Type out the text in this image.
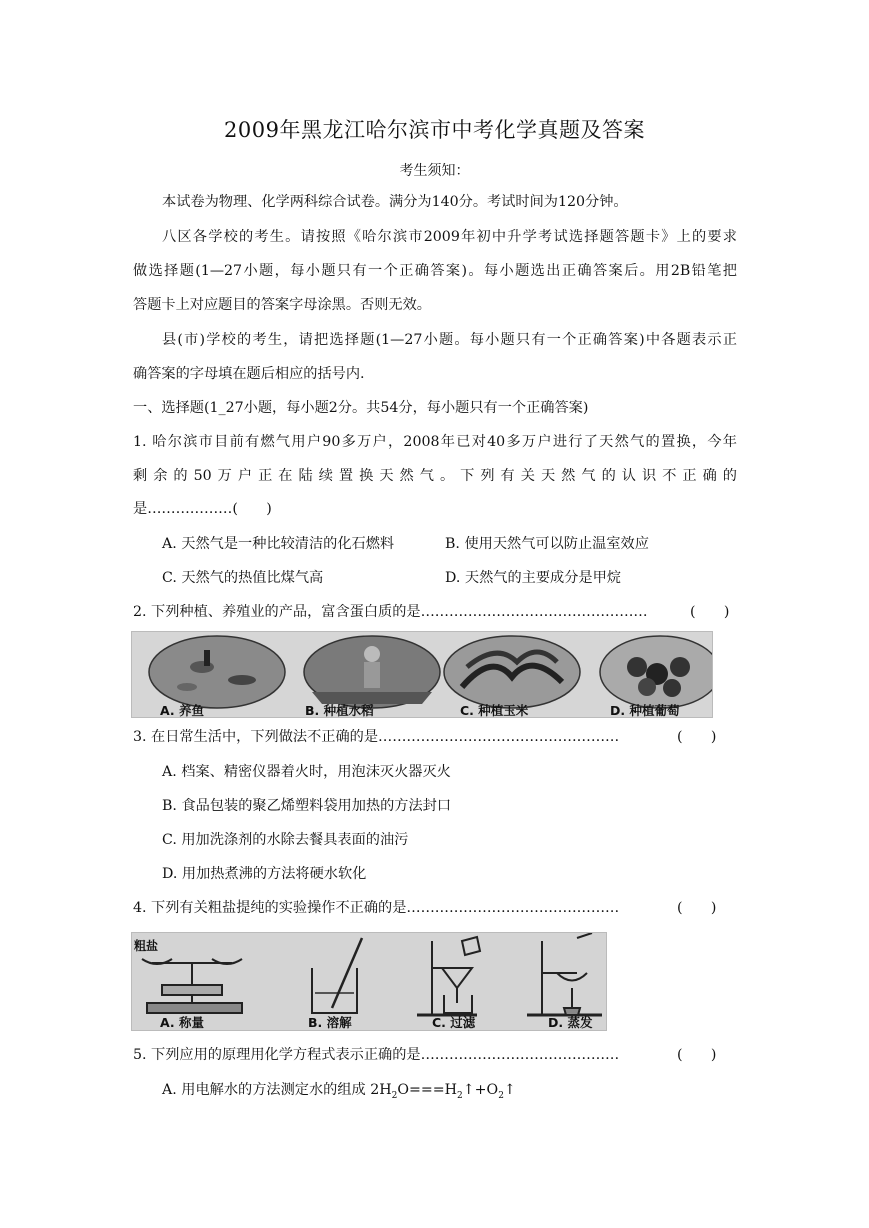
2009年黑龙江哈尔滨市中考化学真题及答案
考生须知：
本试卷为物理、化学两科综合试卷。满分为140分。考试时间为120分钟。
八区各学校的考生。请按照《哈尔滨市2009年初中升学考试选择题答题卡》上的要求
做选择题(1—27小题，每小题只有一个正确答案)。每小题选出正确答案后。用2B铅笔把
答题卡上对应题目的答案字母涂黑。否则无效。
县(市)学校的考生，请把选择题(1—27小题。每小题只有一个正确答案)中各题表示正
确答案的字母填在题后相应的括号内.
一、选择题(1_27小题，每小题2分。共54分，每小题只有一个正确答案)
1. 哈尔滨市目前有燃气用户90多万户，2008年已对40多万户进行了天然气的置换，今年
剩余的50万户正在陆续置换天然气。下列有关天然气的认识不正确的
是………………(　　)
A. 天然气是一种比较清洁的化石燃料	B. 使用天然气可以防止温室效应
C. 天然气的热值比煤气高	D. 天然气的主要成分是甲烷
2. 下列种植、养殖业的产品，富含蛋白质的是…………………………………………	(　　)
A. 养鱼	B. 种植水稻	C. 种植玉米	D. 种植葡萄
3. 在日常生活中，下列做法不正确的是……………………………………………	(　　)
A. 档案、精密仪器着火时，用泡沫灭火器灭火
B. 食品包装的聚乙烯塑料袋用加热的方法封口
C. 用加洗涤剂的水除去餐具表面的油污
D. 用加热煮沸的方法将硬水软化
4. 下列有关粗盐提纯的实验操作不正确的是………………………………………	(　　)
粗盐
A. 称量	B. 溶解	C. 过滤	D. 蒸发
5. 下列应用的原理用化学方程式表示正确的是……………………………………	(　　)
A. 用电解水的方法测定水的组成 $2H_2O===H_2↑+O_2↑$
